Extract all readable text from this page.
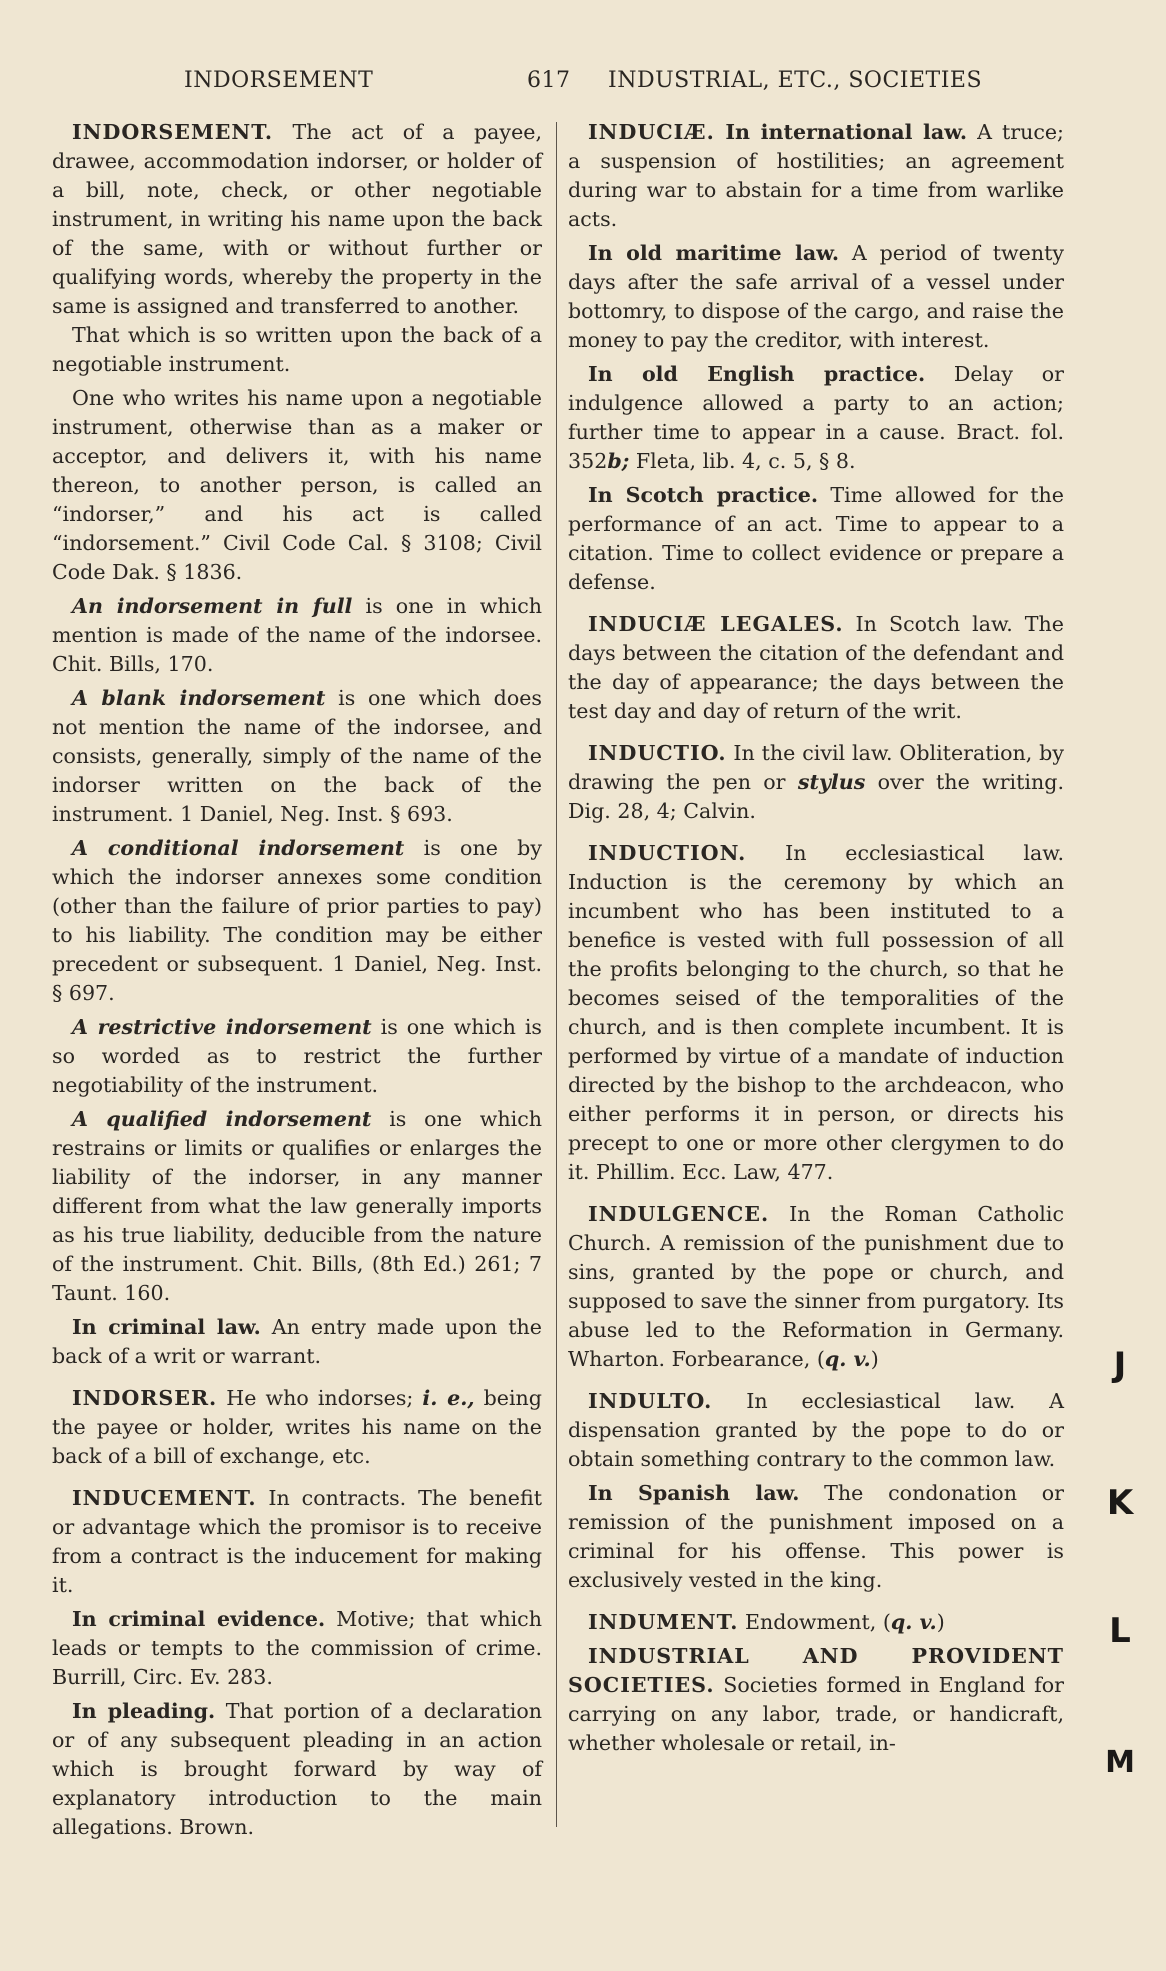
INDORSEMENT	617 INDUSTRIAL, ETC., SOCIETIES

INDORSEMENT. The act of a payee, drawee, accommodation indorser, or holder of a bill, note, check, or other negotiable instrument, in writing his name upon the back of the same, with or without further or qualifying words, whereby the property in the same is assigned and transferred to another.

That which is so written upon the back of a negotiable instrument.

One who writes his name upon a negotiable instrument, otherwise than as a maker or acceptor, and delivers it, with his name thereon, to another person, is called an “indorser,” and his act is called “indorsement.” Civil Code Cal. § 3108; Civil Code Dak. § 1836.

An indorsement in full is one in which mention is made of the name of the indorsee. Chit. Bills, 170.

A blank indorsement is one which does not mention the name of the indorsee, and consists, generally, simply of the name of the indorser written on the back of the instrument. 1 Daniel, Neg. Inst. § 693.

A conditional indorsement is one by which the indorser annexes some condition (other than the failure of prior parties to pay) to his liability. The condition may be either precedent or subsequent. 1 Daniel, Neg. Inst. § 697.

A restrictive indorsement is one which is so worded as to restrict the further negotiability of the instrument.

A qualified indorsement is one which restrains or limits or qualifies or enlarges the liability of the indorser, in any manner different from what the law generally imports as his true liability, deducible from the nature of the instrument. Chit. Bills, (8th Ed.) 261; 7 Taunt. 160.

In criminal law. An entry made upon the back of a writ or warrant.

INDORSER. He who indorses; i. e., being the payee or holder, writes his name on the back of a bill of exchange, etc.

INDUCEMENT. In contracts. The benefit or advantage which the promisor is to receive from a contract is the inducement for making it.

In criminal evidence. Motive; that which leads or tempts to the commission of crime. Burrill, Circ. Ev. 283.

In pleading. That portion of a declaration or of any subsequent pleading in an action which is brought forward by way of explanatory introduction to the main allegations. Brown.

INDUCIÆ. In international law. A truce; a suspension of hostilities; an agreement during war to abstain for a time from warlike acts.

In old maritime law. A period of twenty days after the safe arrival of a vessel under bottomry, to dispose of the cargo, and raise the money to pay the creditor, with interest.

In old English practice. Delay or indulgence allowed a party to an action; further time to appear in a cause. Bract. fol. 352b; Fleta, lib. 4, c. 5, § 8.

In Scotch practice. Time allowed for the performance of an act. Time to appear to a citation. Time to collect evidence or prepare a defense.

INDUCIÆ LEGALES. In Scotch law. The days between the citation of the defendant and the day of appearance; the days between the test day and day of return of the writ.

INDUCTIO. In the civil law. Obliteration, by drawing the pen or stylus over the writing. Dig. 28, 4; Calvin.

INDUCTION. In ecclesiastical law. Induction is the ceremony by which an incumbent who has been instituted to a benefice is vested with full possession of all the profits belonging to the church, so that he becomes seised of the temporalities of the church, and is then complete incumbent. It is performed by virtue of a mandate of induction directed by the bishop to the archdeacon, who either performs it in person, or directs his precept to one or more other clergymen to do it. Phillim. Ecc. Law, 477.

INDULGENCE. In the Roman Catholic Church. A remission of the punishment due to sins, granted by the pope or church, and supposed to save the sinner from purgatory. Its abuse led to the Reformation in Germany. Wharton. Forbearance, (q. v.)

INDULTO. In ecclesiastical law. A dispensation granted by the pope to do or obtain something contrary to the common law.

In Spanish law. The condonation or remission of the punishment imposed on a criminal for his offense. This power is exclusively vested in the king.

INDUMENT. Endowment, (q. v.)

INDUSTRIAL AND PROVIDENT SOCIETIES. Societies formed in England for carrying on any labor, trade, or handicraft, whether wholesale or retail, in-

J
K
L
M
